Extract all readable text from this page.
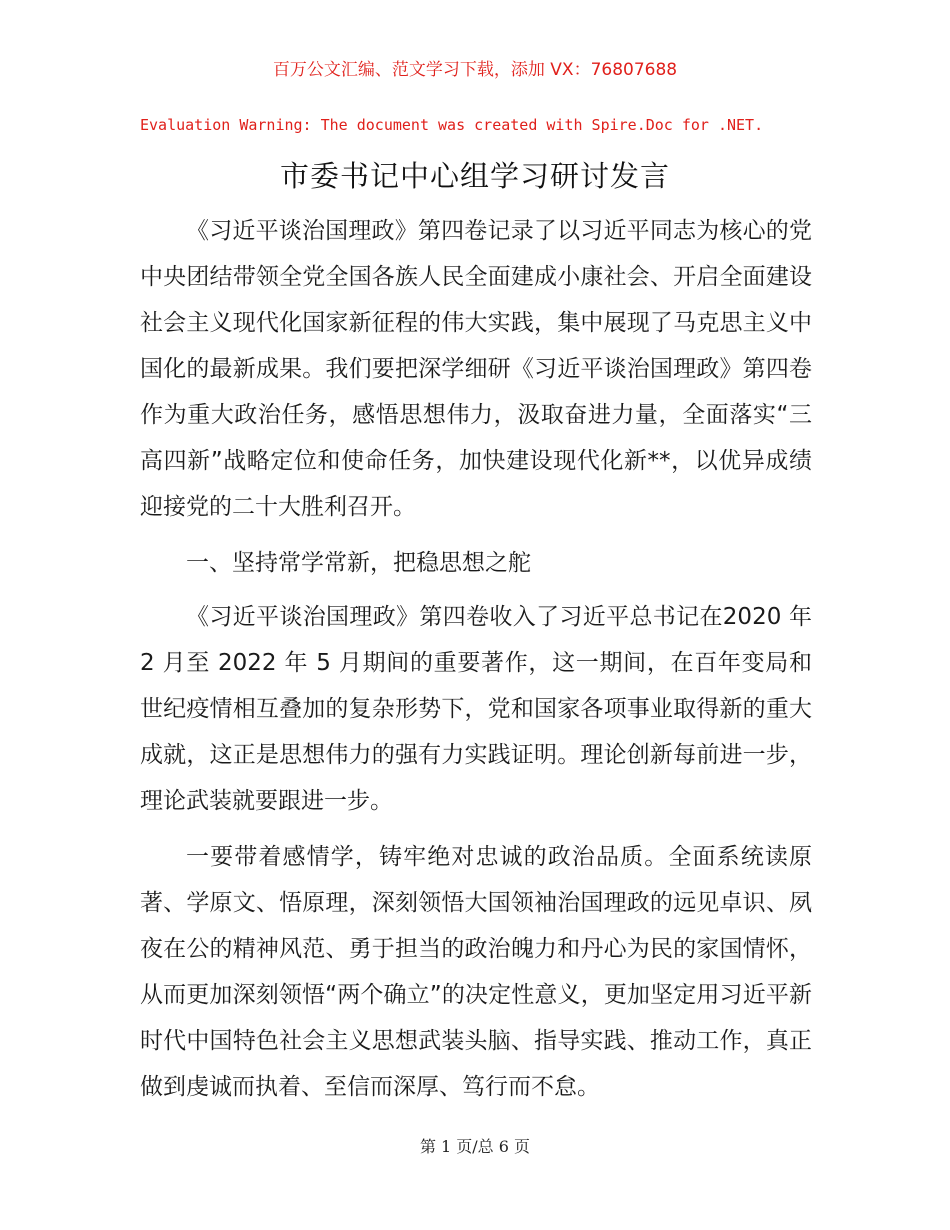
百万公文汇编、范文学习下载，添加 VX：76807688
Evaluation Warning: The document was created with Spire.Doc for .NET.
市委书记中心组学习研讨发言

《习近平谈治国理政》第四卷记录了以习近平同志为核心的党中央团结带领全党全国各族人民全面建成小康社会、开启全面建设社会主义现代化国家新征程的伟大实践，集中展现了马克思主义中国化的最新成果。我们要把深学细研《习近平谈治国理政》第四卷作为重大政治任务，感悟思想伟力，汲取奋进力量，全面落实“三高四新”战略定位和使命任务，加快建设现代化新**，以优异成绩迎接党的二十大胜利召开。

一、坚持常学常新，把稳思想之舵

《习近平谈治国理政》第四卷收入了习近平总书记在2020 年 2 月至 2022 年 5 月期间的重要著作，这一期间，在百年变局和世纪疫情相互叠加的复杂形势下，党和国家各项事业取得新的重大成就，这正是思想伟力的强有力实践证明。理论创新每前进一步，理论武装就要跟进一步。

一要带着感情学，铸牢绝对忠诚的政治品质。全面系统读原著、学原文、悟原理，深刻领悟大国领袖治国理政的远见卓识、夙夜在公的精神风范、勇于担当的政治魄力和丹心为民的家国情怀，从而更加深刻领悟“两个确立”的决定性意义，更加坚定用习近平新时代中国特色社会主义思想武装头脑、指导实践、推动工作，真正做到虔诚而执着、至信而深厚、笃行而不怠。

第 1 页/总 6 页
